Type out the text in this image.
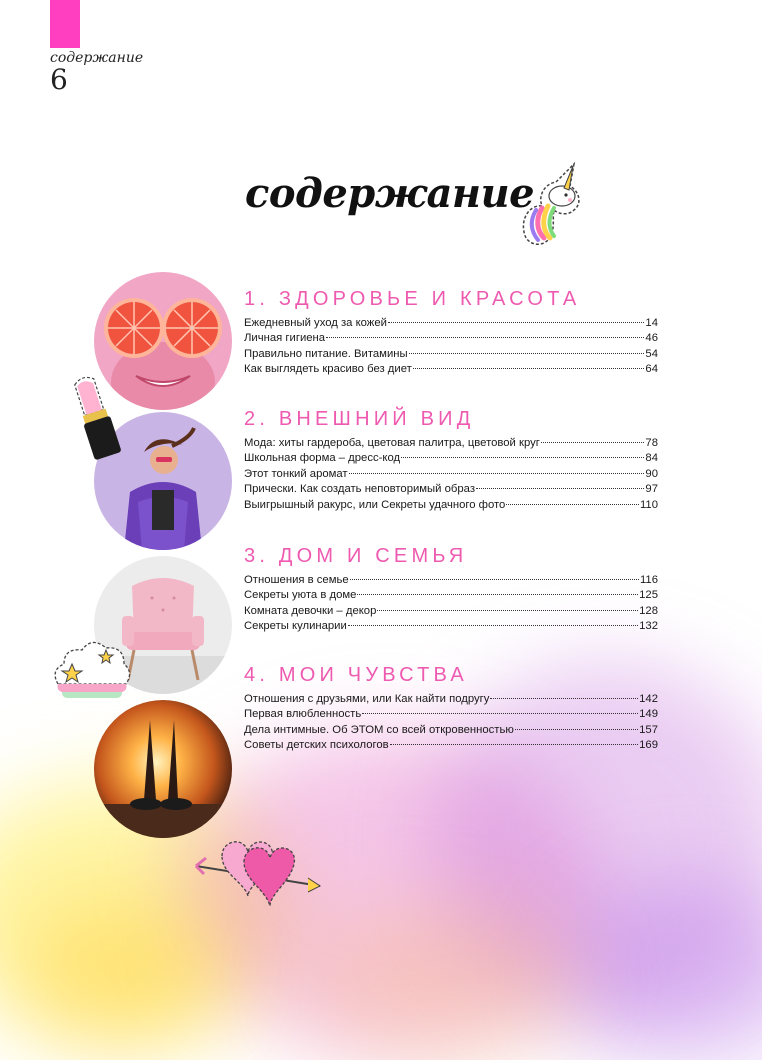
содержание
6
содержание
1. ЗДОРОВЬЕ И КРАСОТА
Ежедневный уход за кожей	14
Личная гигиена	46
Правильно питание. Витамины	54
Как выглядеть красиво без диет	64
2. ВНЕШНИЙ ВИД
Мода: хиты гардероба, цветовая палитра, цветовой круг	78
Школьная форма – дресс-код	84
Этот тонкий аромат	90
Прически. Как создать неповторимый образ	97
Выигрышный ракурс, или Секреты удачного фото	110
3. ДОМ И СЕМЬЯ
Отношения в семье	116
Секреты уюта в доме	125
Комната девочки – декор	128
Секреты кулинарии	132
4. МОИ ЧУВСТВА
Отношения с друзьями, или Как найти подругу	142
Первая влюбленность	149
Дела интимные. Об ЭТОМ со всей откровенностью	157
Советы детских психологов	169
